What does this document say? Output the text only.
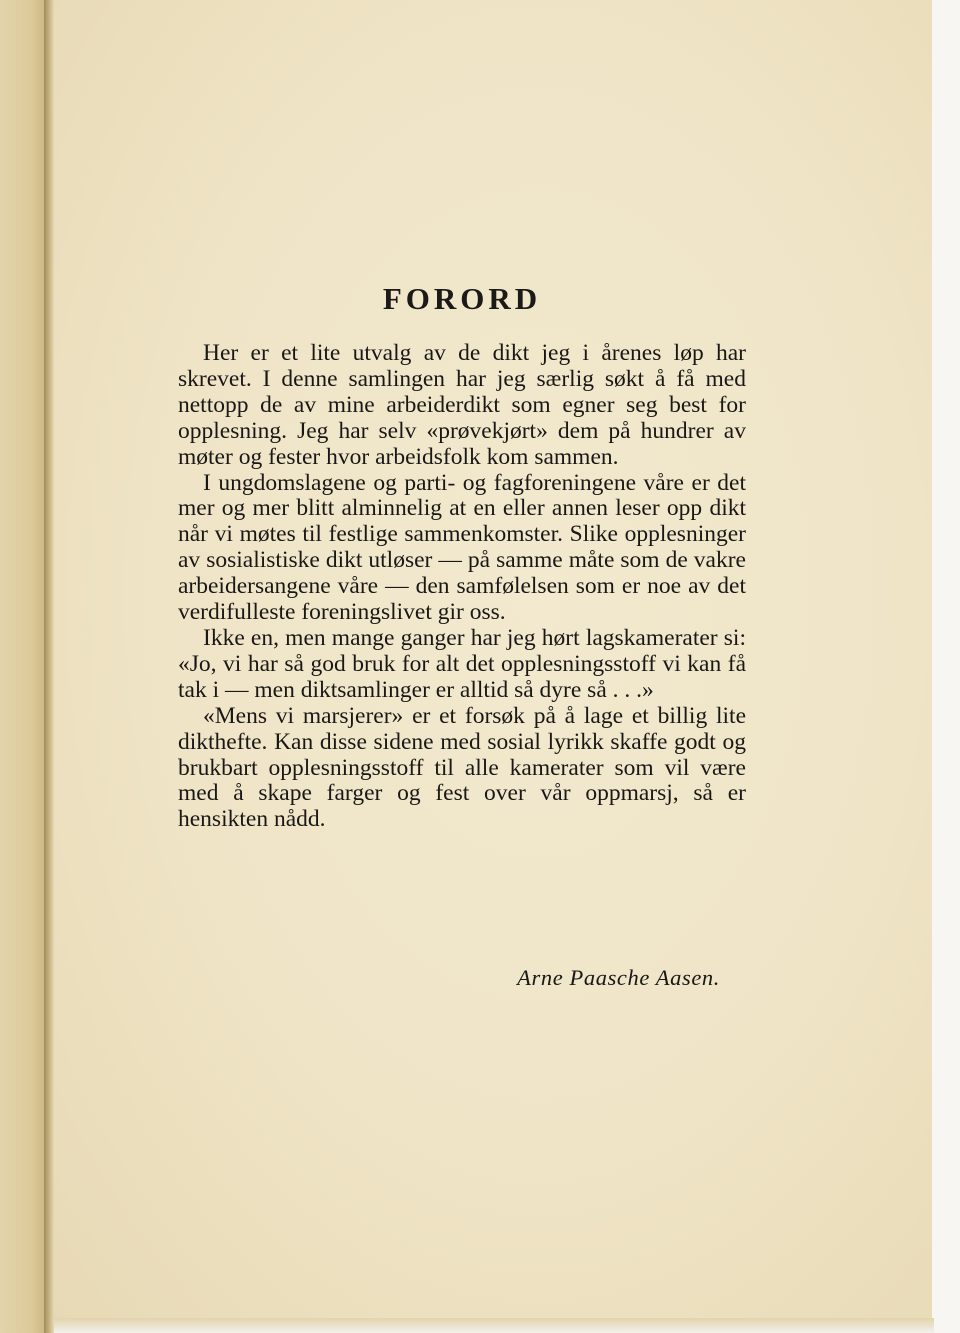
FORORD

Her er et lite utvalg av de dikt jeg i årenes løp har skrevet. I denne samlingen har jeg særlig søkt å få med nettopp de av mine arbeiderdikt som egner seg best for opplesning. Jeg har selv «prøvekjørt» dem på hundrer av møter og fester hvor arbeidsfolk kom sammen.

I ungdomslagene og parti- og fagforeningene våre er det mer og mer blitt alminnelig at en eller annen leser opp dikt når vi møtes til festlige sammenkomster. Slike opplesninger av sosialistiske dikt utløser — på samme måte som de vakre arbeidersangene våre — den samfølelsen som er noe av det verdifulleste foreningslivet gir oss.

Ikke en, men mange ganger har jeg hørt lagskamerater si: «Jo, vi har så god bruk for alt det opplesningsstoff vi kan få tak i — men diktsamlinger er alltid så dyre så . . .»

«Mens vi marsjerer» er et forsøk på å lage et billig lite dikthefte. Kan disse sidene med sosial lyrikk skaffe godt og brukbart opplesningsstoff til alle kamerater som vil være med å skape farger og fest over vår oppmarsj, så er hensikten nådd.

Arne Paasche Aasen.
